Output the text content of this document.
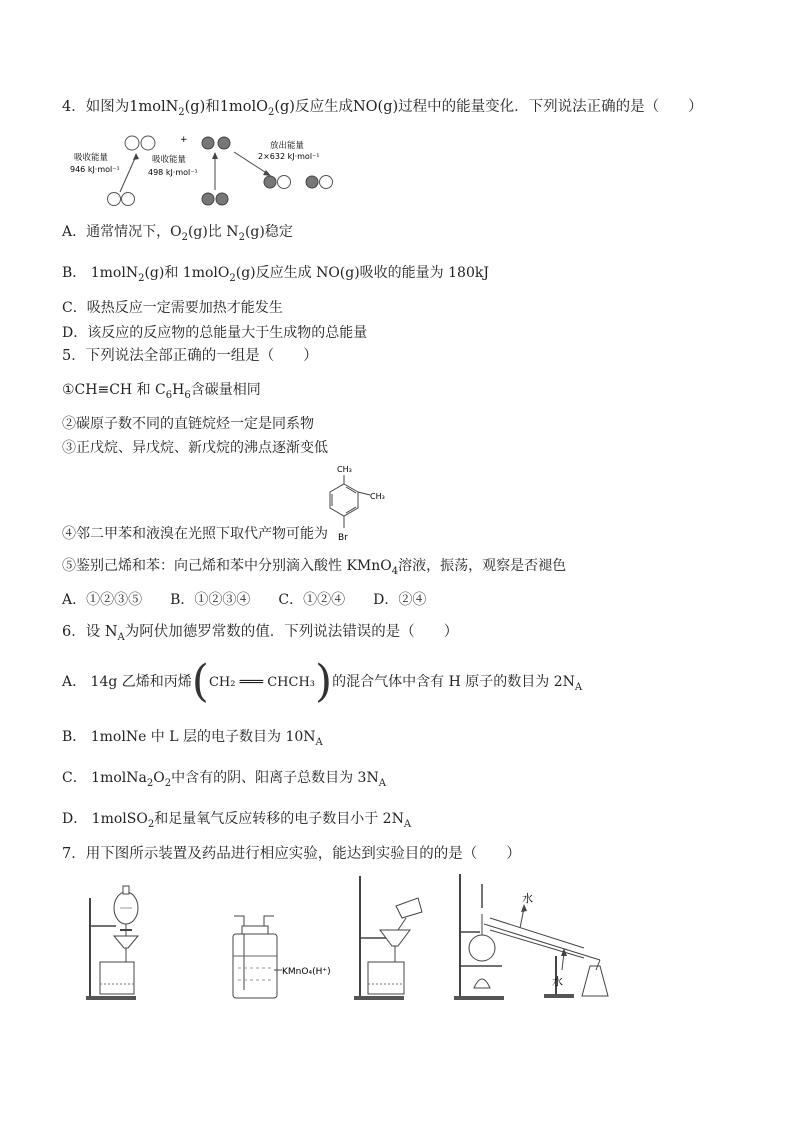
4．如图为1molN$_2$(g)和1molO$_2$(g)反应生成NO(g)过程中的能量变化．下列说法正确的是（　　）
+
吸收能量
946 kJ·mol⁻¹
吸收能量
498 kJ·mol⁻¹
放出能量
2×632 kJ·mol⁻¹
A．通常情况下，$O_2(g)$比 $N_2(g)$稳定
B． 1molN$_2$(g)和 1molO$_2$(g)反应生成 NO(g)吸收的能量为 180kJ
C．吸热反应一定需要加热才能发生
D．该反应的反应物的总能量大于生成物的总能量
5．下列说法全部正确的一组是（　　）
①CH≡CH 和 $C_6H_6$含碳量相同
②碳原子数不同的直链烷烃一定是同系物
③正戊烷、异戊烷、新戊烷的沸点逐渐变低
CH₃
CH₃
Br
④邻二甲苯和液溴在光照下取代产物可能为
⑤鉴别己烯和苯：向己烯和苯中分别滴入酸性 KMnO$_4$溶液，振荡，观察是否褪色
A．①②③⑤　　B．①②③④　　C．①②④　　D．②④
6．设 $N_A$为阿伏加德罗常数的值．下列说法错误的是（　　）
A． 14g 乙烯和丙烯(CH₂ ═══ CHCH₃)的混合气体中含有 H 原子的数目为 $2N_A$
B． 1molNe 中 L 层的电子数目为 $10N_A$
C． $1molNa_2O_2$中含有的阴、阳离子总数目为 $3N_A$
D． 1molSO$_2$和足量氧气反应转移的电子数目小于 $2N_A$
7．用下图所示装置及药品进行相应实验，能达到实验目的的是（　　）
KMnO₄(H⁺)
水
水
